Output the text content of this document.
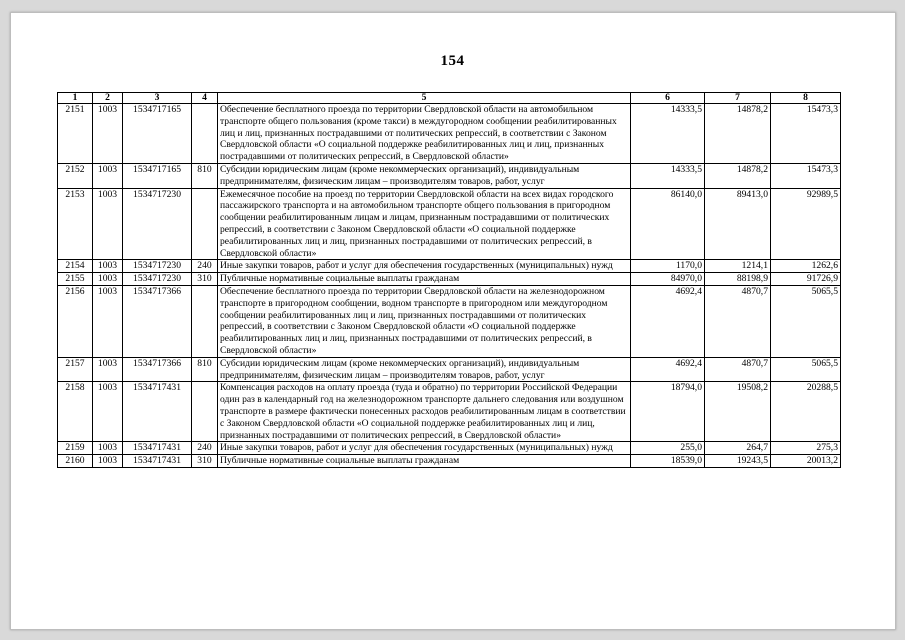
154
1	2	3	4	5	6	7	8
2151	1003	1534717165		Обеспечение бесплатного проезда по территории Свердловской области на автомобильном транспорте общего пользования (кроме такси) в междугородном сообщении реабилитированных лиц и лиц, признанных пострадавшими от политических репрессий, в соответствии с Законом Свердловской области «О социальной поддержке реабилитированных лиц и лиц, признанных пострадавшими от политических репрессий, в Свердловской области»	14333,5	14878,2	15473,3
2152	1003	1534717165	810	Субсидии юридическим лицам (кроме некоммерческих организаций), индивидуальным предпринимателям, физическим лицам – производителям товаров, работ, услуг	14333,5	14878,2	15473,3
2153	1003	1534717230		Ежемесячное пособие на проезд по территории Свердловской области на всех видах городского пассажирского транспорта и на автомобильном транспорте общего пользования в пригородном сообщении реабилитированным лицам и лицам, признанным пострадавшими от политических репрессий, в соответствии с Законом Свердловской области «О социальной поддержке реабилитированных лиц и лиц, признанных пострадавшими от политических репрессий, в Свердловской области»	86140,0	89413,0	92989,5
2154	1003	1534717230	240	Иные закупки товаров, работ и услуг для обеспечения государственных (муниципальных) нужд	1170,0	1214,1	1262,6
2155	1003	1534717230	310	Публичные нормативные социальные выплаты гражданам	84970,0	88198,9	91726,9
2156	1003	1534717366		Обеспечение бесплатного проезда по территории Свердловской области на железнодорожном транспорте в пригородном сообщении, водном транспорте в пригородном или междугородном сообщении реабилитированных лиц и лиц, признанных пострадавшими от политических репрессий, в соответствии с Законом Свердловской области «О социальной поддержке реабилитированных лиц и лиц, признанных пострадавшими от политических репрессий, в Свердловской области»	4692,4	4870,7	5065,5
2157	1003	1534717366	810	Субсидии юридическим лицам (кроме некоммерческих организаций), индивидуальным предпринимателям, физическим лицам – производителям товаров, работ, услуг	4692,4	4870,7	5065,5
2158	1003	1534717431		Компенсация расходов на оплату проезда (туда и обратно) по территории Российской Федерации один раз в календарный год на железнодорожном транспорте дальнего следования или воздушном транспорте в размере фактически понесенных расходов реабилитированным лицам в соответствии с Законом Свердловской области «О социальной поддержке реабилитированных лиц и лиц, признанных пострадавшими от политических репрессий, в Свердловской области»	18794,0	19508,2	20288,5
2159	1003	1534717431	240	Иные закупки товаров, работ и услуг для обеспечения государственных (муниципальных) нужд	255,0	264,7	275,3
2160	1003	1534717431	310	Публичные нормативные социальные выплаты гражданам	18539,0	19243,5	20013,2
